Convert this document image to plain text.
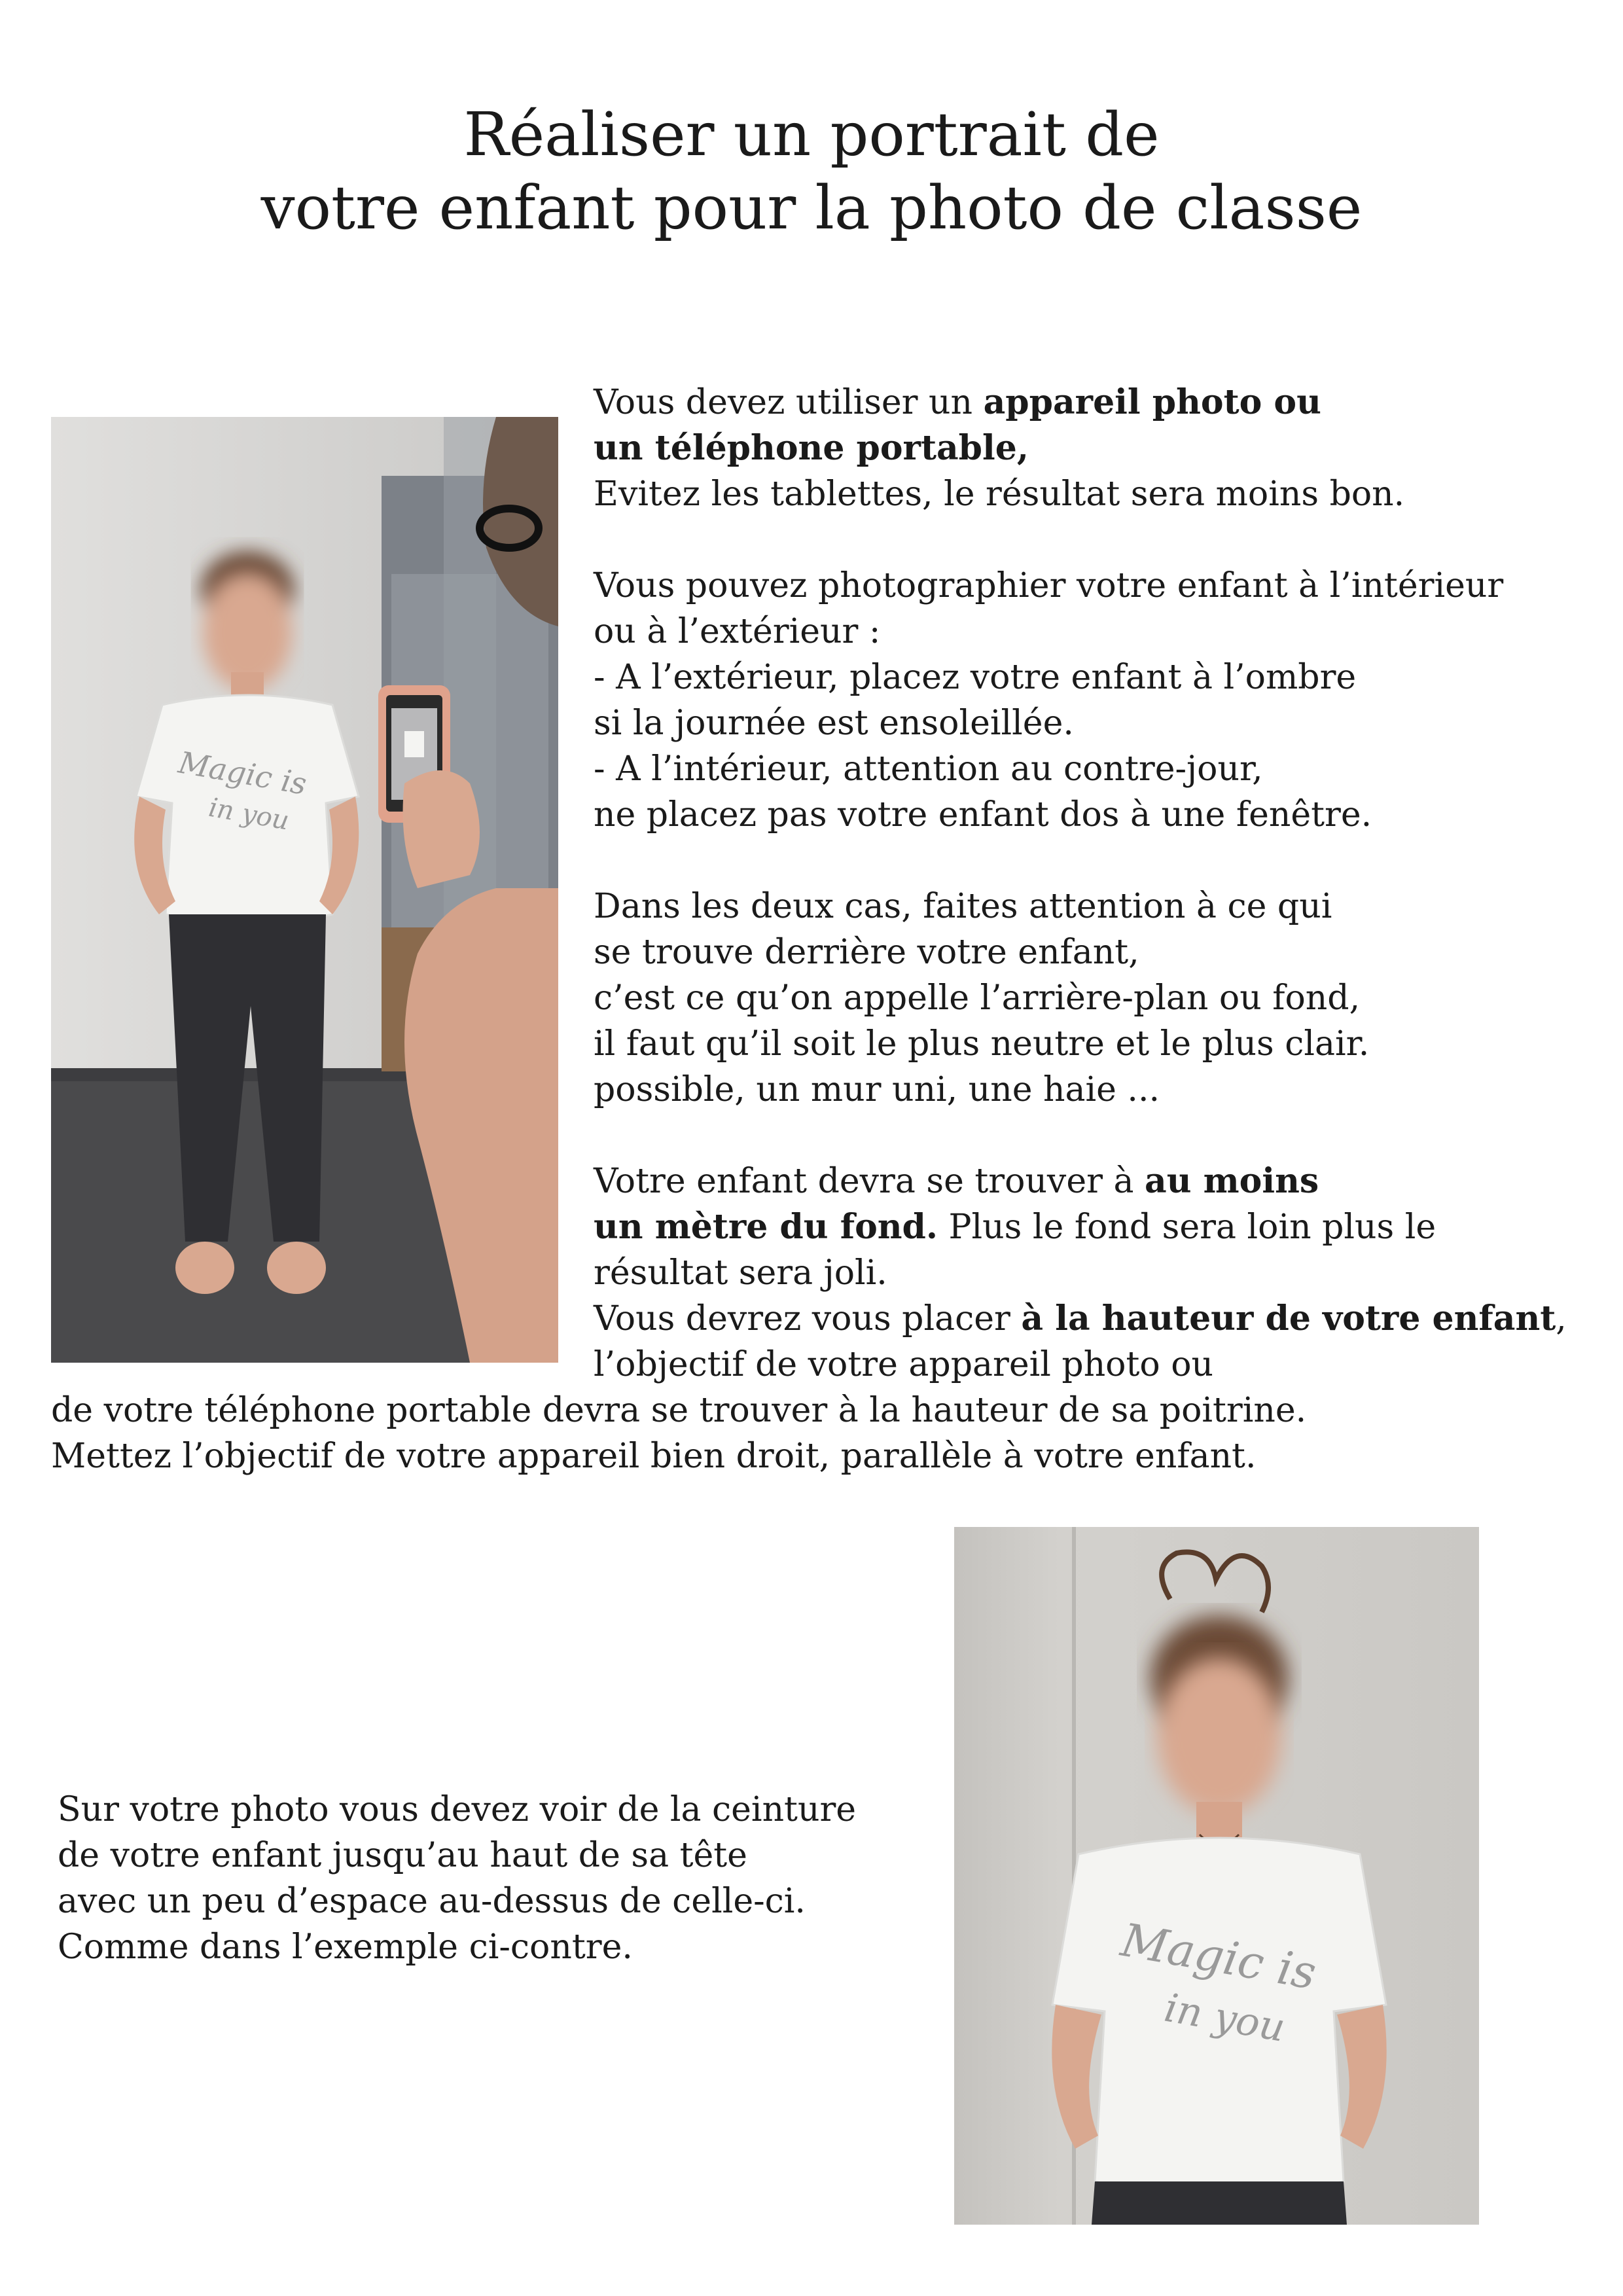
Réaliser un portrait de
votre enfant pour la photo de classe
Magic is
in you

Vous devez utiliser un appareil photo ou
un téléphone portable,
Evitez les tablettes, le résultat sera moins bon.

Vous pouvez photographier votre enfant à l’intérieur
ou à l’extérieur :
- A l’extérieur, placez votre enfant à l’ombre
si la journée est ensoleillée.
- A l’intérieur, attention au contre-jour,
ne placez pas votre enfant dos à une fenêtre.

Dans les deux cas, faites attention à ce qui
se trouve derrière votre enfant,
c’est ce qu’on appelle l’arrière-plan ou fond,
il faut qu’il soit le plus neutre et le plus clair.
possible, un mur uni, une haie ...

Votre enfant devra se trouver à au moins
un mètre du fond. Plus le fond sera loin plus le
résultat sera joli.
Vous devrez vous placer à la hauteur de votre enfant,
l’objectif de votre appareil photo ou

de votre téléphone portable devra se trouver à la hauteur de sa poitrine.
Mettez l’objectif de votre appareil bien droit, parallèle à votre enfant.

Sur votre photo vous devez voir de la ceinture
de votre enfant jusqu’au haut de sa tête
avec un peu d’espace au-dessus de celle-ci.
Comme dans l’exemple ci-contre.	Magic is
in you
